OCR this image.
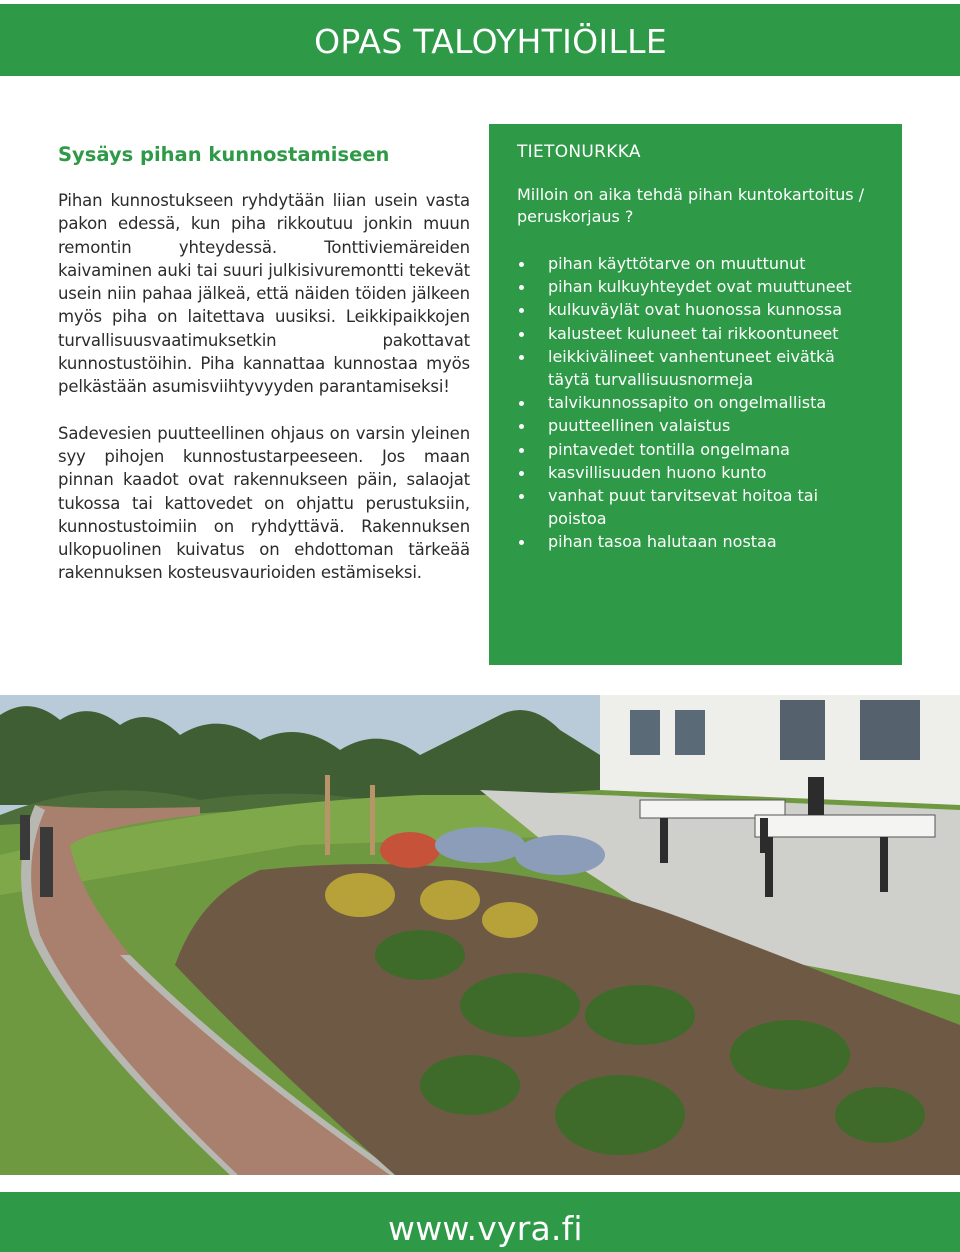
OPAS TALOYHTIÖILLE
Sysäys pihan kunnostamiseen

Pihan kunnostukseen ryhdytään liian usein vasta pakon edessä, kun piha rikkoutuu jonkin muun remontin yhteydessä. Tonttiviemäreiden kaivaminen auki tai suuri julkisivuremontti tekevät usein niin pahaa jälkeä, että näiden töiden jälkeen myös piha on laitettava uusiksi. Leikkipaikkojen turvallisuusvaatimuksetkin pakottavat kunnostustöihin. Piha kannattaa kunnostaa myös pelkästään asumisviihtyvyyden parantamiseksi!

Sadevesien puutteellinen ohjaus on varsin yleinen syy pihojen kunnostustarpeeseen. Jos maan pinnan kaadot ovat rakennukseen päin, salaojat tukossa tai kattovedet on ohjattu perustuksiin, kunnostustoimiin on ryhdyttävä. Rakennuksen ulkopuolinen kuivatus on ehdottoman tärkeää rakennuksen kosteusvaurioiden estämiseksi.

TIETONURKKA
Milloin on aika tehdä pihan kuntokartoitus / peruskorjaus ?
pihan käyttötarve on muuttunut
pihan kulkuyhteydet ovat muuttuneet
kulkuväylät ovat huonossa kunnossa
kalusteet kuluneet tai rikkoontuneet
leikkivälineet vanhentuneet eivätkä täytä turvallisuusnormeja
talvikunnossapito on ongelmallista
puutteellinen valaistus
pintavedet tontilla ongelmana
kasvillisuuden huono kunto
vanhat puut tarvitsevat hoitoa tai poistoa
pihan tasoa halutaan nostaa
www.vyra.fi
